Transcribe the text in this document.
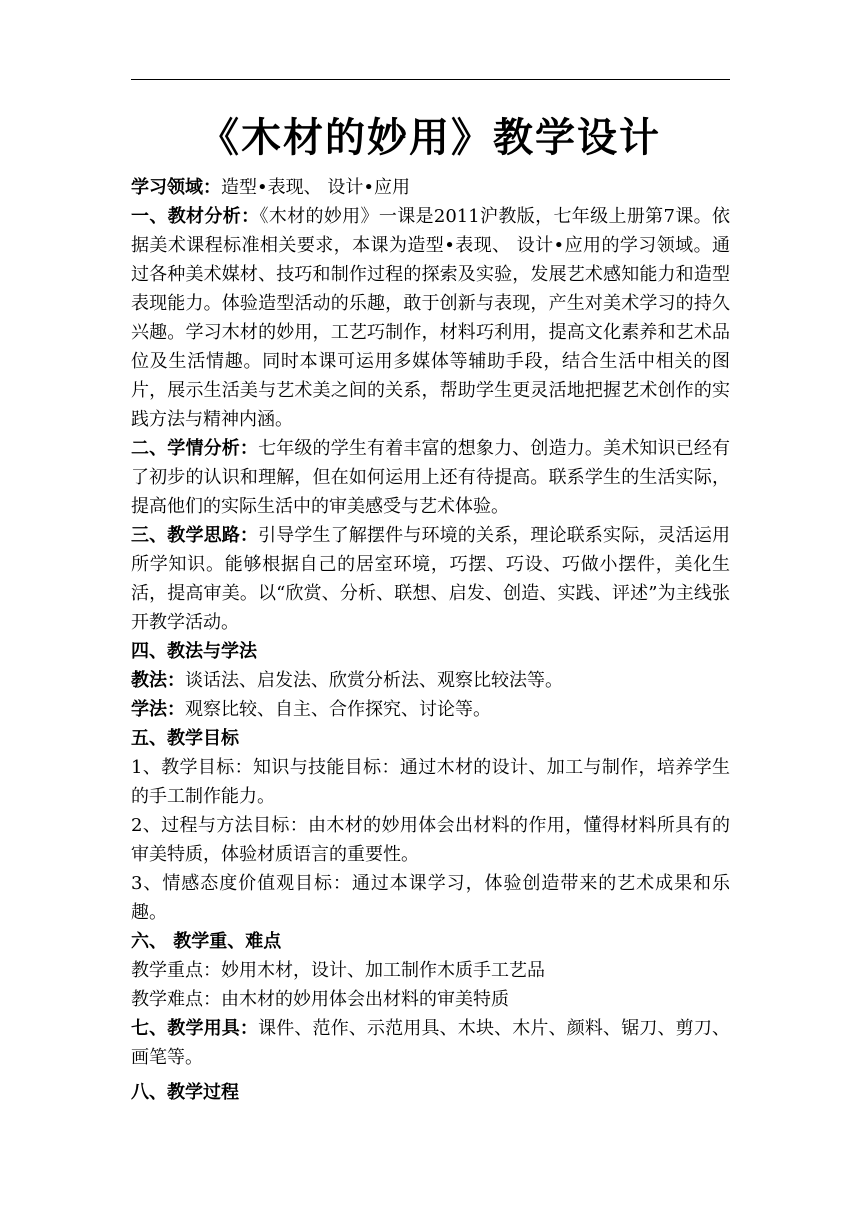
《木材的妙用》教学设计

学习领域：造型•表现、 设计•应用

一、教材分析：《木材的妙用》一课是2011沪教版，七年级上册第7课。依据美术课程标准相关要求，本课为造型•表现、 设计•应用的学习领域。通过各种美术媒材、技巧和制作过程的探索及实验，发展艺术感知能力和造型表现能力。体验造型活动的乐趣，敢于创新与表现，产生对美术学习的持久兴趣。学习木材的妙用，工艺巧制作，材料巧利用，提高文化素养和艺术品位及生活情趣。同时本课可运用多媒体等辅助手段，结合生活中相关的图片，展示生活美与艺术美之间的关系，帮助学生更灵活地把握艺术创作的实践方法与精神内涵。

二、学情分析：七年级的学生有着丰富的想象力、创造力。美术知识已经有了初步的认识和理解，但在如何运用上还有待提高。联系学生的生活实际，提高他们的实际生活中的审美感受与艺术体验。

三、教学思路：引导学生了解摆件与环境的关系，理论联系实际，灵活运用所学知识。能够根据自己的居室环境，巧摆、巧设、巧做小摆件，美化生活，提高审美。以“欣赏、分析、联想、启发、创造、实践、评述”为主线张开教学活动。

四、教法与学法

教法：谈话法、启发法、欣赏分析法、观察比较法等。

学法：观察比较、自主、合作探究、讨论等。

五、教学目标

1、教学目标：知识与技能目标：通过木材的设计、加工与制作，培养学生的手工制作能力。

2、过程与方法目标：由木材的妙用体会出材料的作用，懂得材料所具有的审美特质，体验材质语言的重要性。

3、情感态度价值观目标：通过本课学习，体验创造带来的艺术成果和乐趣。

六、 教学重、难点

教学重点：妙用木材，设计、加工制作木质手工艺品

教学难点：由木材的妙用体会出材料的审美特质

七、教学用具：课件、范作、示范用具、木块、木片、颜料、锯刀、剪刀、画笔等。

八、教学过程
